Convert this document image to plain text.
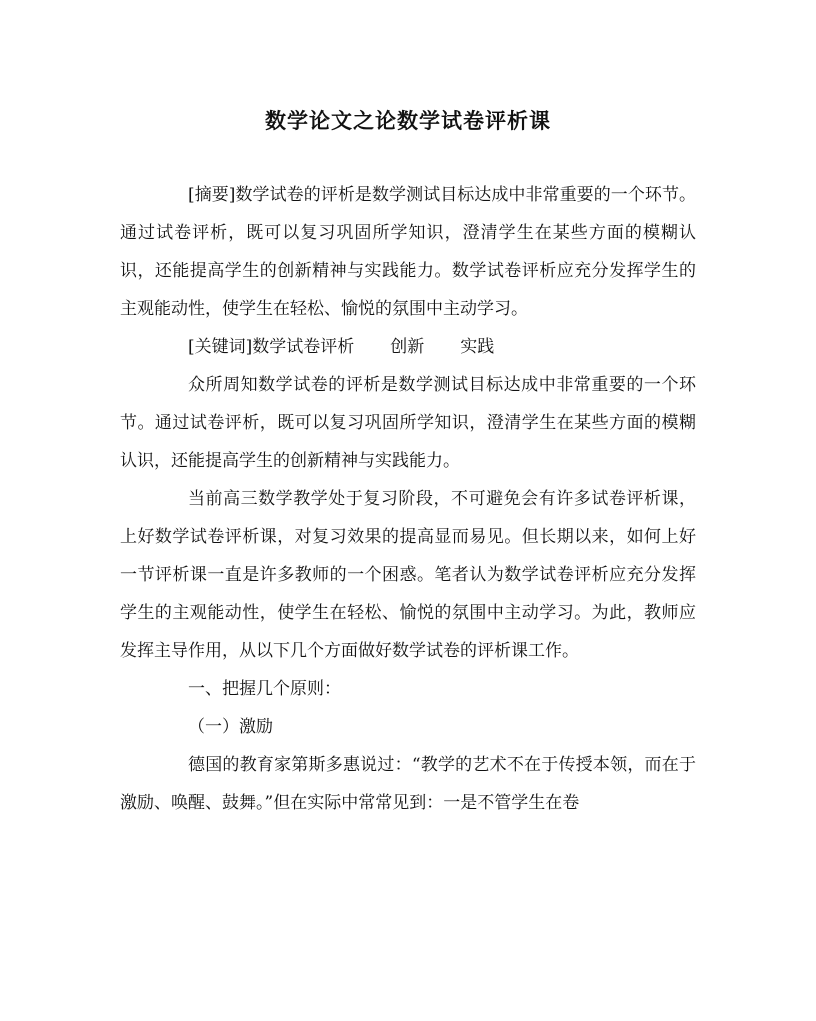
数学论文之论数学试卷评析课

[摘要]数学试卷的评析是数学测试目标达成中非常重要的一个环节。通过试卷评析，既可以复习巩固所学知识，澄清学生在某些方面的模糊认识，还能提高学生的创新精神与实践能力。数学试卷评析应充分发挥学生的主观能动性，使学生在轻松、愉悦的氛围中主动学习。

[关键词]数学试卷评析 创新 实践

众所周知数学试卷的评析是数学测试目标达成中非常重要的一个环节。通过试卷评析，既可以复习巩固所学知识，澄清学生在某些方面的模糊认识，还能提高学生的创新精神与实践能力。

当前高三数学教学处于复习阶段，不可避免会有许多试卷评析课，上好数学试卷评析课，对复习效果的提高显而易见。但长期以来，如何上好一节评析课一直是许多教师的一个困惑。笔者认为数学试卷评析应充分发挥学生的主观能动性，使学生在轻松、愉悦的氛围中主动学习。为此，教师应发挥主导作用，从以下几个方面做好数学试卷的评析课工作。

一、把握几个原则：

（一）激励

德国的教育家第斯多惠说过：“教学的艺术不在于传授本领，而在于激励、唤醒、鼓舞。”但在实际中常常见到：一是不管学生在卷
